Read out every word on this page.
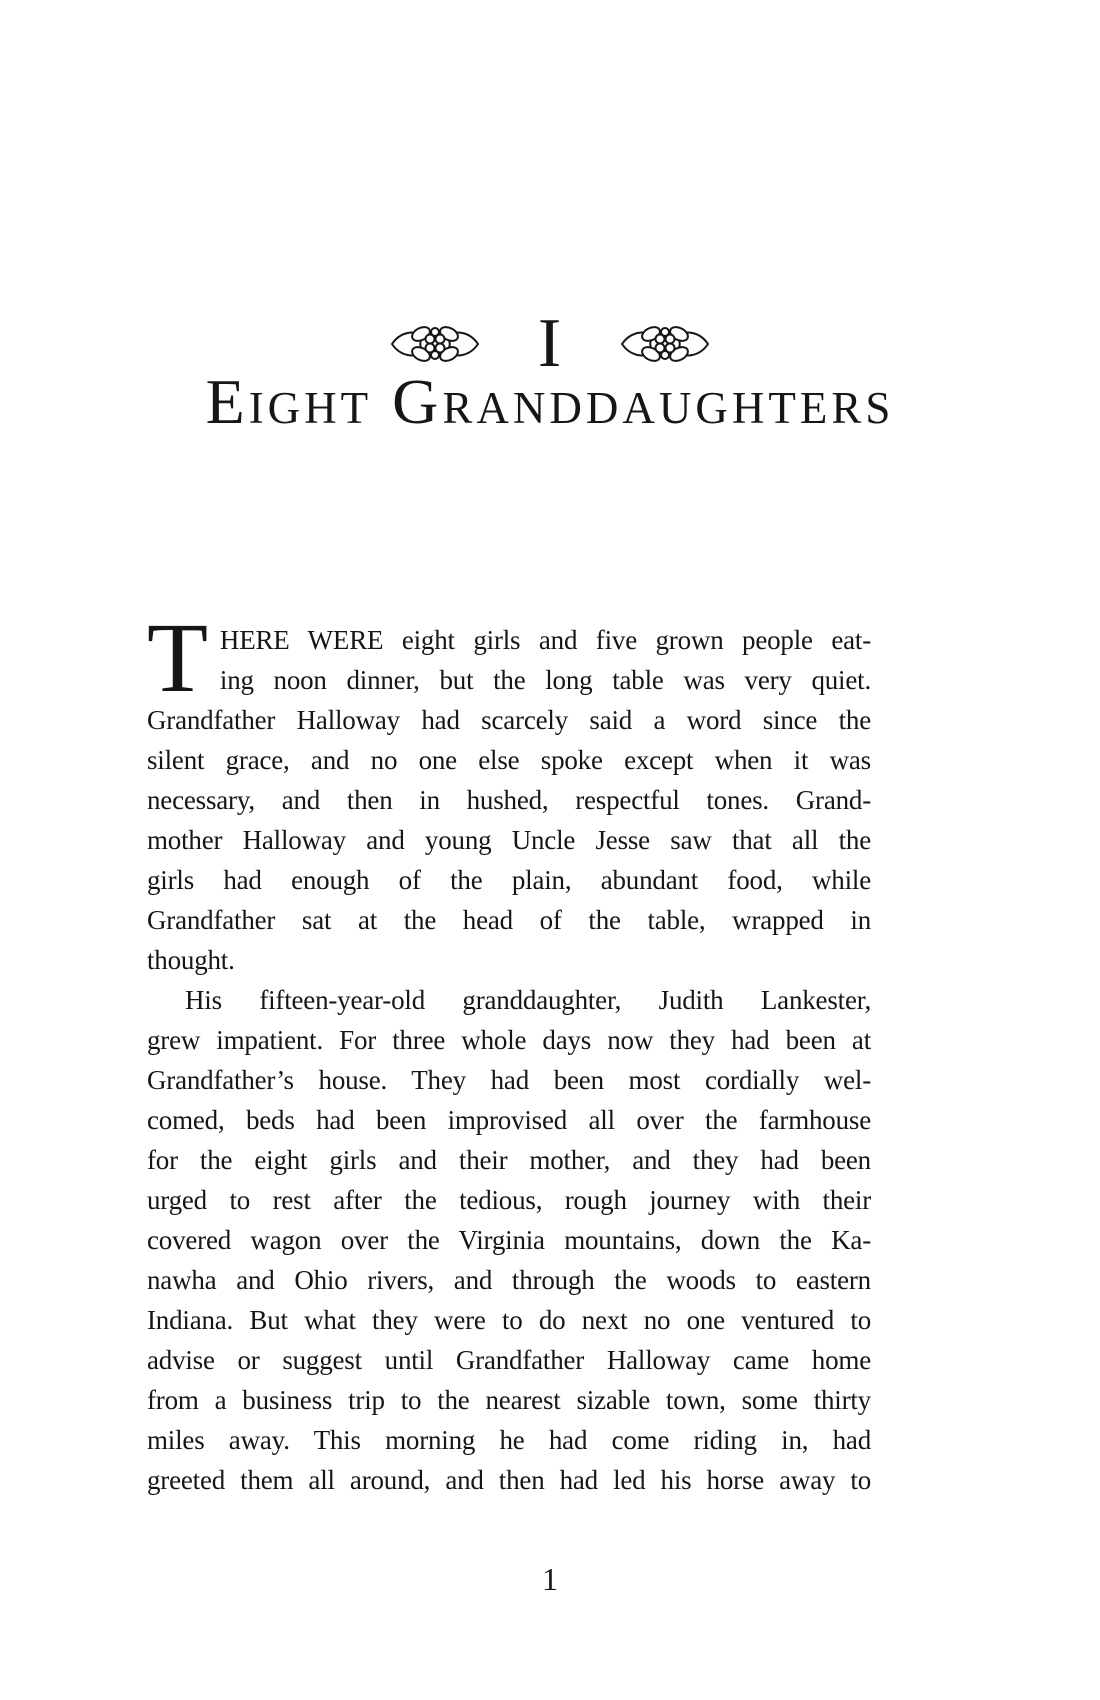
I
Eight Granddaughters
T HERE WERE eight girls and five grown people eat-
ing noon dinner, but the long table was very quiet.
Grandfather Halloway had scarcely said a word since the
silent grace, and no one else spoke except when it was
necessary, and then in hushed, respectful tones. Grand-
mother Halloway and young Uncle Jesse saw that all the
girls had enough of the plain, abundant food, while
Grandfather sat at the head of the table, wrapped in
thought.
His fifteen-year-old granddaughter, Judith Lankester,
grew impatient. For three whole days now they had been at
Grandfather’s house. They had been most cordially wel-
comed, beds had been improvised all over the farmhouse
for the eight girls and their mother, and they had been
urged to rest after the tedious, rough journey with their
covered wagon over the Virginia mountains, down the Ka-
nawha and Ohio rivers, and through the woods to eastern
Indiana. But what they were to do next no one ventured to
advise or suggest until Grandfather Halloway came home
from a business trip to the nearest sizable town, some thirty
miles away. This morning he had come riding in, had
greeted them all around, and then had led his horse away to
1
